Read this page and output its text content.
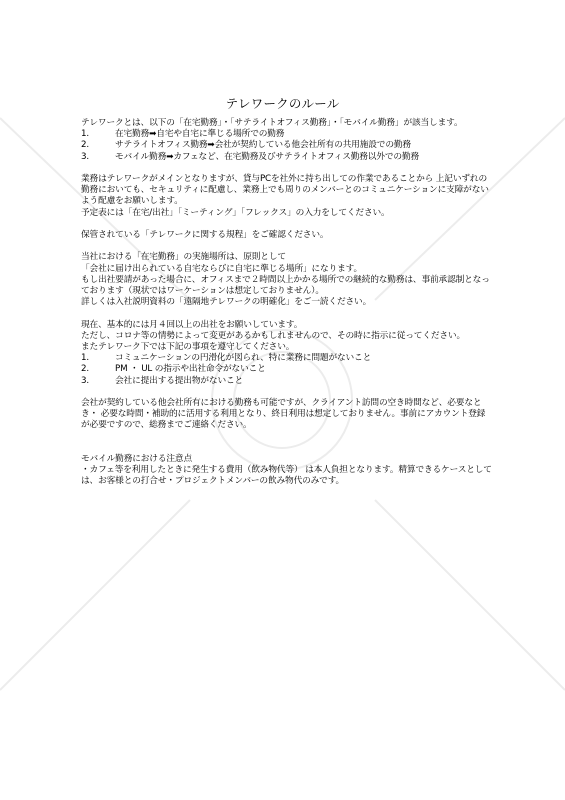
テレワークのルール

テレワークとは、以下の「在宅勤務」・「サテライトオフィス勤務」・「モバイル勤務」が該当します。

1.	在宅勤務➡自宅や自宅に準じる場所での勤務
2.	サテライトオフィス勤務➡会社が契約している他会社所有の共用施設での勤務
3.	モバイル勤務➡カフェなど、在宅勤務及びサテライトオフィス勤務以外での勤務

業務はテレワークがメインとなりますが、貸与PCを社外に持ち出しての作業であることから 上記いずれの勤務においても、セキュリティに配慮し、業務上でも周りのメンバーとのコミュニケーションに支障がないよう配慮をお願いします。

予定表には「在宅/出社」「ミーティング」「フレックス」の入力をしてください。

保管されている「テレワークに関する規程」をご確認ください。

当社における「在宅勤務」の実施場所は、原則として

「会社に届け出られている自宅ならびに自宅に準じる場所」になります。

もし出社要請があった場合に、オフィスまで２時間以上かかる場所での継続的な勤務は、事前承認制となっております（現状ではワーケーションは想定しておりません）。

詳しくは入社説明資料の「遠隔地テレワークの明確化」をご一読ください。

現在、基本的には月４回以上の出社をお願いしています。

ただし、コロナ等の情勢によって変更があるかもしれませんので、その時に指示に従ってください。

またテレワーク下では下記の事項を遵守してください。

1.	コミュニケーションの円滑化が図られ、特に業務に問題がないこと
2.	PM ・ UL の指示や出社命令がないこと
3.	会社に提出する提出物がないこと

会社が契約している他会社所有における勤務も可能ですが、クライアント訪問の空き時間など、必要なとき・ 必要な時間・補助的に活用する利用となり、終日利用は想定しておりません。事前にアカウント登録が必要ですので、総務までご連絡ください。

モバイル勤務における注意点

・カフェ等を利用したときに発生する費用（飲み物代等） は本人負担となります。精算できるケースとしては、お客様との打合せ・プロジェクトメンバーの飲み物代のみです。
